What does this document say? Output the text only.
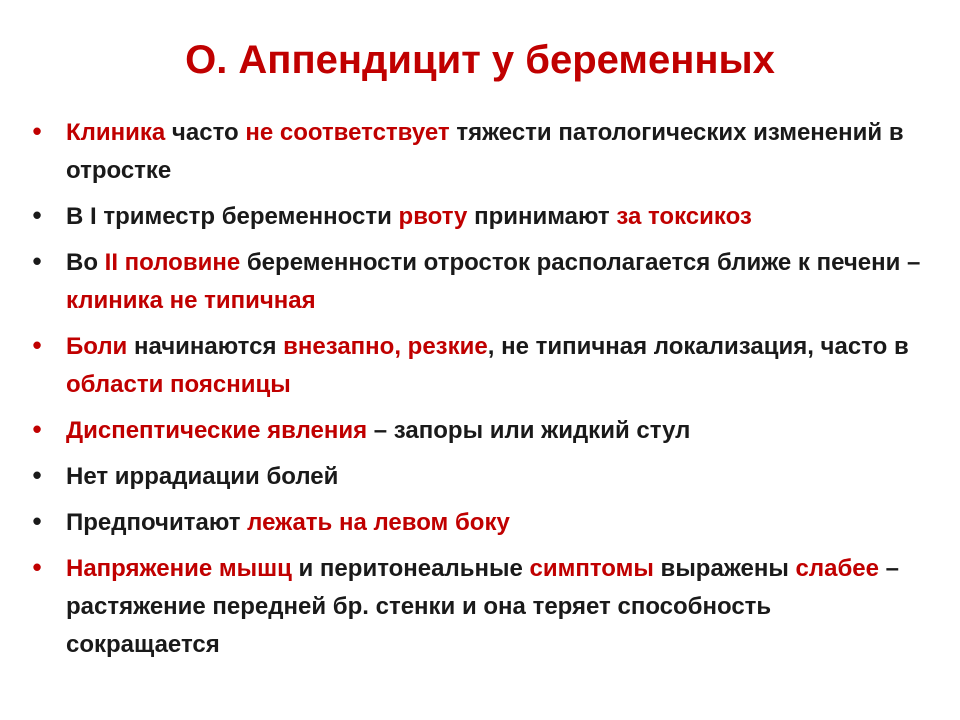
О. Аппендицит у беременных
• Клиника часто не соответствует тяжести патологических изменений в отростке
• В I триместр беременности рвоту принимают за токсикоз
• Во II половине беременности отросток располагается ближе к печени – клиника не типичная
• Боли начинаются внезапно, резкие, не типичная локализация, часто в области поясницы
• Диспептические явления – запоры или жидкий стул
• Нет иррадиации болей
• Предпочитают лежать на левом боку
• Напряжение мышц и перитонеальные симптомы выражены слабее – растяжение передней бр. стенки и она теряет способность сокращается
